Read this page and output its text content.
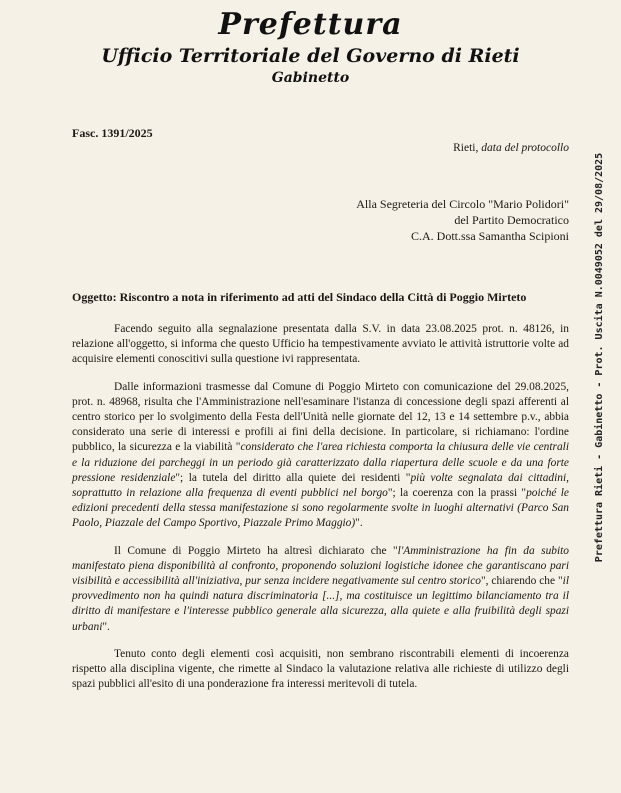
Prefettura
Ufficio Territoriale del Governo di Rieti
Gabinetto
Fasc. 1391/2025
Rieti, data del protocollo
Alla Segreteria del Circolo "Mario Polidori"
del Partito Democratico
C.A. Dott.ssa Samantha Scipioni
Oggetto: Riscontro a nota in riferimento ad atti del Sindaco della Città di Poggio Mirteto

Facendo seguito alla segnalazione presentata dalla S.V. in data 23.08.2025 prot. n. 48126, in relazione all'oggetto, si informa che questo Ufficio ha tempestivamente avviato le attività istruttorie volte ad acquisire elementi conoscitivi sulla questione ivi rappresentata.

Dalle informazioni trasmesse dal Comune di Poggio Mirteto con comunicazione del 29.08.2025, prot. n. 48968, risulta che l'Amministrazione nell'esaminare l'istanza di concessione degli spazi afferenti al centro storico per lo svolgimento della Festa dell'Unità nelle giornate del 12, 13 e 14 settembre p.v., abbia considerato una serie di interessi e profili ai fini della decisione. In particolare, si richiamano: l'ordine pubblico, la sicurezza e la viabilità "considerato che l'area richiesta comporta la chiusura delle vie centrali e la riduzione dei parcheggi in un periodo già caratterizzato dalla riapertura delle scuole e da una forte pressione residenziale"; la tutela del diritto alla quiete dei residenti "più volte segnalata dai cittadini, soprattutto in relazione alla frequenza di eventi pubblici nel borgo"; la coerenza con la prassi "poiché le edizioni precedenti della stessa manifestazione si sono regolarmente svolte in luoghi alternativi (Parco San Paolo, Piazzale del Campo Sportivo, Piazzale Primo Maggio)".

Il Comune di Poggio Mirteto ha altresì dichiarato che "l'Amministrazione ha fin da subito manifestato piena disponibilità al confronto, proponendo soluzioni logistiche idonee che garantiscano pari visibilità e accessibilità all'iniziativa, pur senza incidere negativamente sul centro storico", chiarendo che "il provvedimento non ha quindi natura discriminatoria [...], ma costituisce un legittimo bilanciamento tra il diritto di manifestare e l'interesse pubblico generale alla sicurezza, alla quiete e alla fruibilità degli spazi urbani".

Tenuto conto degli elementi così acquisiti, non sembrano riscontrabili elementi di incoerenza rispetto alla disciplina vigente, che rimette al Sindaco la valutazione relativa alle richieste di utilizzo degli spazi pubblici all'esito di una ponderazione fra interessi meritevoli di tutela.

Prefettura Rieti - Gabinetto - Prot. Uscita N.0049052 del 29/08/2025
